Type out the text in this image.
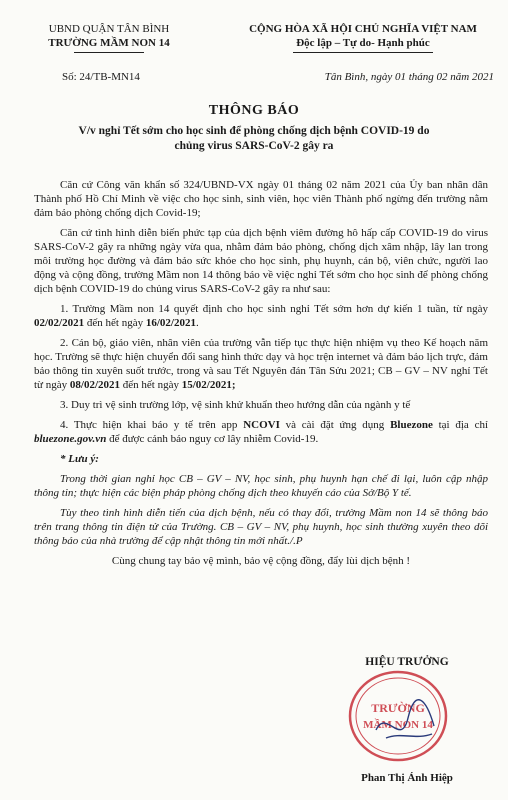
UBND QUẬN TÂN BÌNH
TRƯỜNG MẦM NON 14
CỘNG HÒA XÃ HỘI CHỦ NGHĨA VIỆT NAM
Độc lập – Tự do- Hạnh phúc
Số: 24/TB-MN14	Tân Bình, ngày 01 tháng 02 năm 2021
THÔNG BÁO
V/v nghỉ Tết sớm cho học sinh để phòng chống dịch bệnh COVID-19 do chủng virus SARS-CoV-2 gây ra

Căn cứ Công văn khẩn số 324/UBND-VX ngày 01 tháng 02 năm 2021 của Ủy ban nhân dân Thành phố Hồ Chí Minh về việc cho học sinh, sinh viên, học viên Thành phố ngừng đến trường nằm đảm bảo phòng chống dịch Covid-19;

Căn cứ tình hình diễn biến phức tạp của dịch bệnh viêm đường hô hấp cấp COVID-19 do virus SARS-CoV-2 gây ra những ngày vừa qua, nhằm đảm bảo phòng, chống dịch xâm nhập, lây lan trong môi trường học đường và đảm bảo sức khỏe cho học sinh, phụ huynh, cán bộ, viên chức, người lao động và cộng đồng, trường Mầm non 14 thông báo về việc nghỉ Tết sớm cho học sinh để phòng chống dịch bệnh COVID-19 do chủng virus SARS-CoV-2 gây ra như sau:

1. Trường Mầm non 14 quyết định cho học sinh nghỉ Tết sớm hơn dự kiến 1 tuần, từ ngày 02/02/2021 đến hết ngày 16/02/2021.

2. Cán bộ, giáo viên, nhân viên của trường vẫn tiếp tục thực hiện nhiệm vụ theo Kế hoạch năm học. Trường sẽ thực hiện chuyển đổi sang hình thức dạy và học trện internet và đảm bảo lịch trực, đảm bảo thông tin xuyên suốt trước, trong và sau Tết Nguyên đán Tân Sửu 2021; CB – GV – NV nghỉ Tết từ ngày 08/02/2021 đến hết ngày 15/02/2021;

3. Duy trì vệ sinh trường lớp, vệ sinh khử khuẩn theo hướng dẫn của ngành y tế

4. Thực hiện khai báo y tế trên app NCOVI và cài đặt ứng dụng Bluezone tại địa chỉ bluezone.gov.vn để được cảnh báo nguy cơ lây nhiễm Covid-19.

* Lưu ý:

Trong thời gian nghỉ học CB – GV – NV, học sinh, phụ huynh hạn chế đi lại, luôn cập nhập thông tin; thực hiện các biện pháp phòng chống dịch theo khuyến cáo của Sở/Bộ Y tế.

Tùy theo tình hình diễn tiến của dịch bệnh, nếu có thay đổi, trường Mầm non 14 sẽ thông báo trên trang thông tin điện tử của Trường. CB – GV – NV, phụ huynh, học sinh thường xuyên theo dõi thông báo của nhà trường để cập nhật thông tin mới nhất./.P

Cùng chung tay bảo vệ mình, bảo vệ cộng đồng, đẩy lùi dịch bệnh !

HIỆU TRƯỞNG
TRƯỜNG
MẦM NON 14
Phan Thị Ánh Hiệp
